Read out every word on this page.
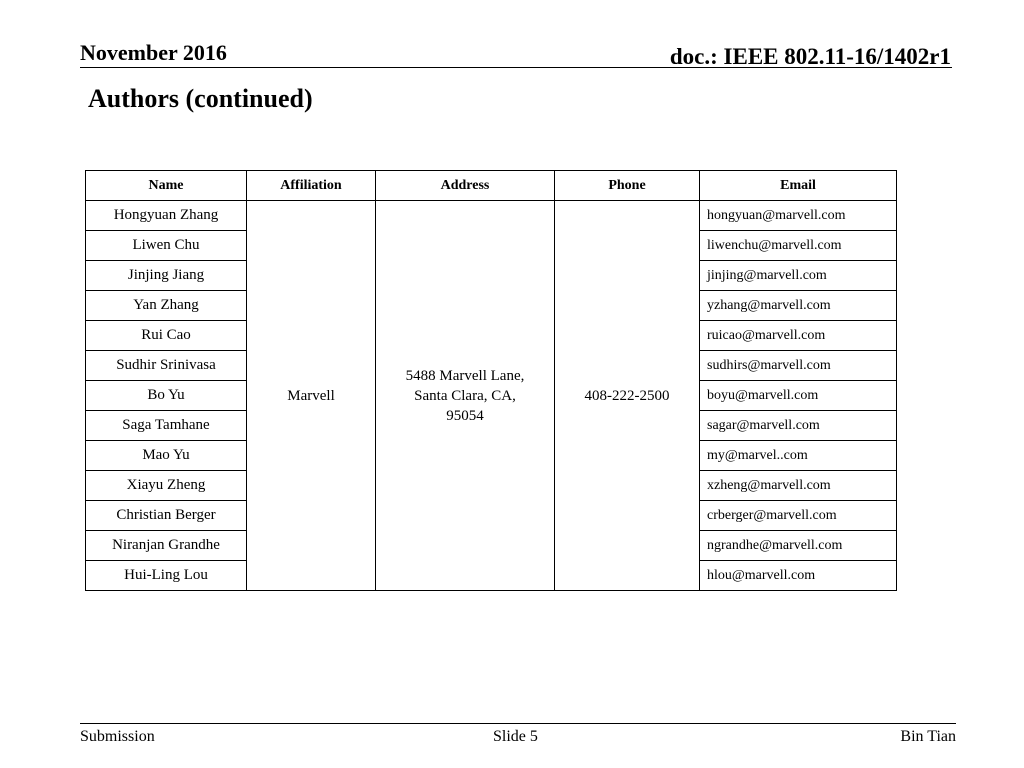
November 2016	doc.: IEEE 802.11-16/1402r1
Authors (continued)
Name	Affiliation	Address	Phone	Email
Hongyuan Zhang	Marvell	5488 Marvell Lane,
Santa Clara, CA,
95054	408-222-2500	hongyuan@marvell.com
Liwen Chu				liwenchu@marvell.com
Jinjing Jiang				jinjing@marvell.com
Yan Zhang				yzhang@marvell.com
Rui Cao				ruicao@marvell.com
Sudhir Srinivasa				sudhirs@marvell.com
Bo Yu				boyu@marvell.com
Saga Tamhane				sagar@marvell.com
Mao Yu				my@marvel..com
Xiayu Zheng				xzheng@marvell.com
Christian Berger				crberger@marvell.com
Niranjan Grandhe				ngrandhe@marvell.com
Hui-Ling Lou				hlou@marvell.com
Submission	Slide 5	Bin Tian
